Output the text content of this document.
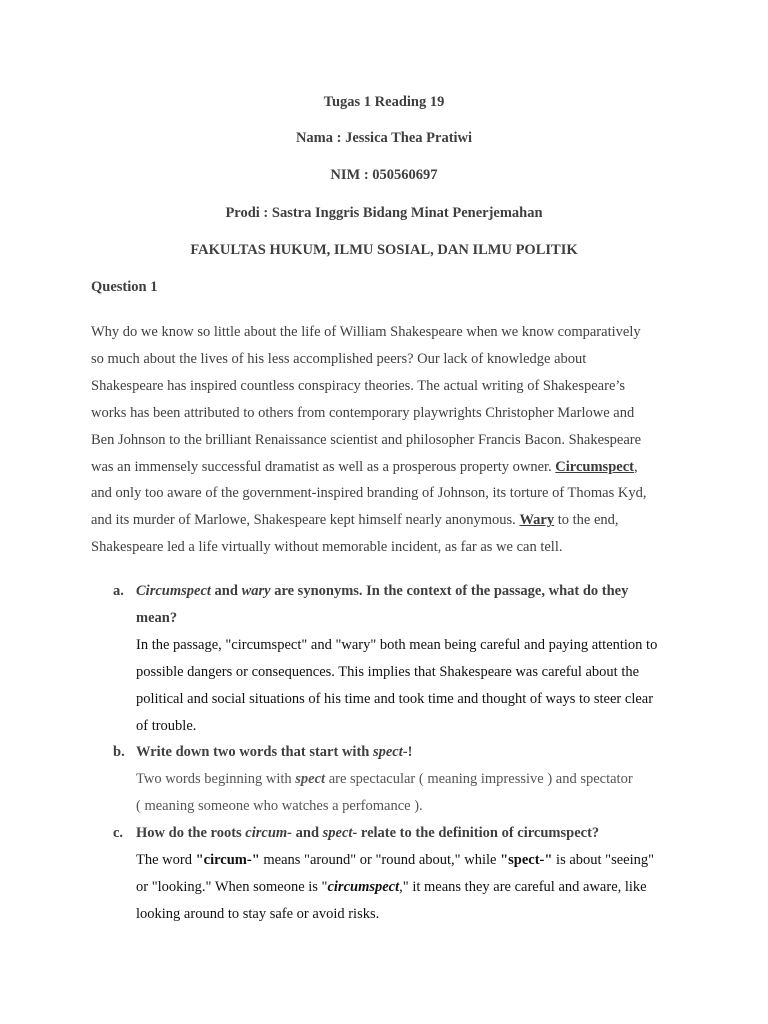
Tugas 1 Reading 19

Nama : Jessica Thea Pratiwi

NIM : 050560697

Prodi : Sastra Inggris Bidang Minat Penerjemahan

FAKULTAS HUKUM, ILMU SOSIAL, DAN ILMU POLITIK

Question 1

Why do we know so little about the life of William Shakespeare when we know comparatively
so much about the lives of his less accomplished peers? Our lack of knowledge about
Shakespeare has inspired countless conspiracy theories. The actual writing of Shakespeare’s
works has been attributed to others from contemporary playwrights Christopher Marlowe and
Ben Johnson to the brilliant Renaissance scientist and philosopher Francis Bacon. Shakespeare
was an immensely successful dramatist as well as a prosperous property owner. Circumspect,
and only too aware of the government-inspired branding of Johnson, its torture of Thomas Kyd,
and its murder of Marlowe, Shakespeare kept himself nearly anonymous. Wary to the end,
Shakespeare led a life virtually without memorable incident, as far as we can tell.
a. Circumspect and wary are synonyms. In the context of the passage, what do they
mean?
In the passage, "circumspect" and "wary" both mean being careful and paying attention to
possible dangers or consequences. This implies that Shakespeare was careful about the
political and social situations of his time and took time and thought of ways to steer clear
of trouble.
b. Write down two words that start with spect-!
Two words beginning with spect are spectacular ( meaning impressive ) and spectator
( meaning someone who watches a perfomance ).
c. How do the roots circum- and spect- relate to the definition of circumspect?
The word "circum-" means "around" or "round about," while "spect-" is about "seeing"
or "looking." When someone is "circumspect," it means they are careful and aware, like
looking around to stay safe or avoid risks.
